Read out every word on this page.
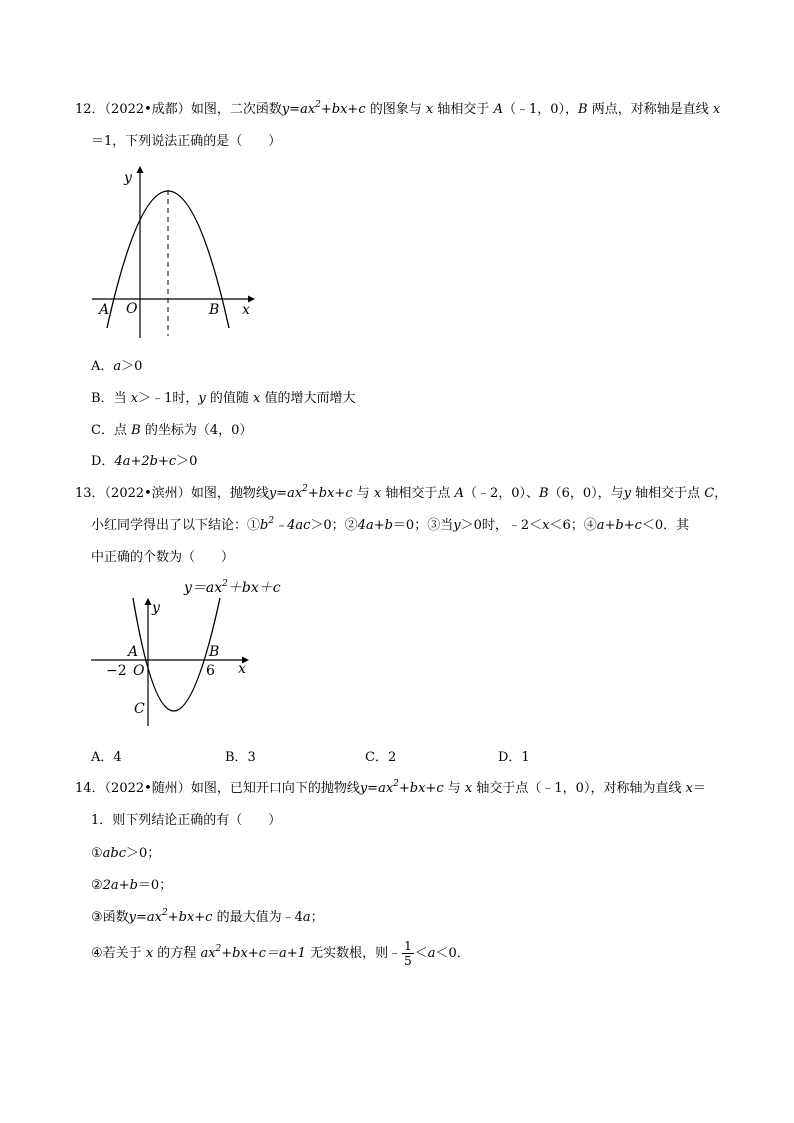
12．（2022•成都）如图，二次函数$y=ax^2+bx+c$ 的图象与 x 轴相交于 A（﹣1，0），B 两点，对称轴是直线 x
＝1，下列说法正确的是（　　）
y
x
O
A	B
A．a＞0
B．当 x＞﹣1时，y 的值随 x 值的增大而增大
C．点 B 的坐标为（4，0）
D．4a+2b+c＞0
13．（2022•滨州）如图，抛物线$y=ax^2+bx+c$ 与 x 轴相交于点 A（﹣2，0）、B（6，0），与y 轴相交于点 C，
小红同学得出了以下结论：$①b^2﹣4ac>0$；②4a+b＝0；③当y＞0时，﹣2＜x＜6；④a+b+c＜0．其
中正确的个数为（　　）
$y=ax^2+bx+c$
y
x
A	B
−2 O	6
C
A．4	B．3	C．2	D．1
14．（2022•随州）如图，已知开口向下的抛物线$y=ax^2+bx+c$ 与 x 轴交于点（﹣1，0），对称轴为直线 x＝
1．则下列结论正确的有（　　）
①abc＞0；
②2a+b＝0；
③函数$y=ax^2+bx+c$ 的最大值为﹣4a；
④若关于 x 的方程 $ax^2+bx+c=a+1$ 无实数根，则﹣ $\frac{1}{5} <a<0$．
